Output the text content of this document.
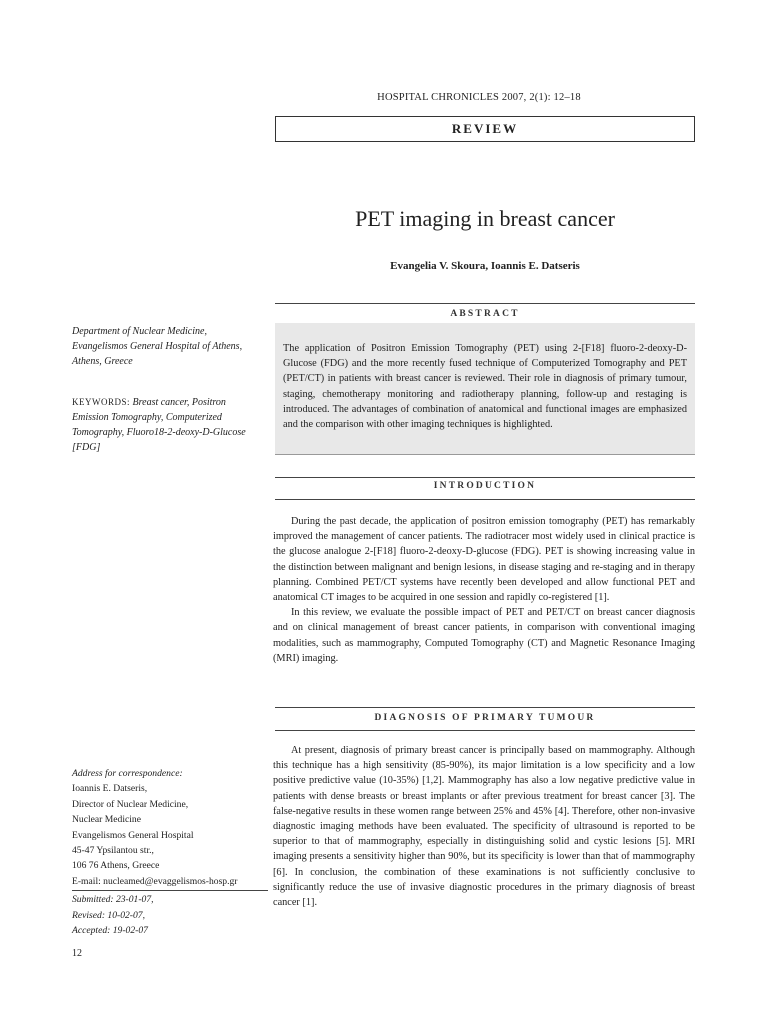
HOSPITAL CHRONICLES 2007, 2(1): 12–18
REVIEW
PET imaging in breast cancer
Evangelia V. Skoura, Ioannis E. Datseris
Department of Nuclear Medicine, Evangelismos General Hospital of Athens, Athens, Greece
KEYWORDS: Breast cancer, Positron Emission Tomography, Computerized Tomography, Fluoro18-2-deoxy-D-Glucose [FDG]
Address for correspondence:
Ioannis E. Datseris,
Director of Nuclear Medicine,
Nuclear Medicine
Evangelismos General Hospital
45-47 Ypsilantou str.,
106 76 Athens, Greece
E-mail: nucleamed@evaggelismos-hosp.gr
Submitted: 23-01-07,
Revised: 10-02-07,
Accepted: 19-02-07
ABSTRACT

The application of Positron Emission Tomography (PET) using 2-[F18] fluoro-2-deoxy-D-Glucose (FDG) and the more recently fused technique of Computerized Tomography and PET (PET/CT) in patients with breast cancer is reviewed. Their role in diagnosis of primary tumour, staging, chemotherapy monitoring and radiotherapy planning, follow-up and restaging is introduced. The advantages of combination of anatomical and functional images are emphasized and the comparison with other imaging techniques is highlighted.

INTRODUCTION

During the past decade, the application of positron emission tomography (PET) has remarkably improved the management of cancer patients. The radiotracer most widely used in clinical practice is the glucose analogue 2-[F18] fluoro-2-deoxy-D-glucose (FDG). PET is showing increasing value in the distinction between malignant and benign lesions, in disease staging and re-staging and in therapy planning. Combined PET/CT systems have recently been developed and allow functional PET and anatomical CT images to be acquired in one session and rapidly co-registered [1].

In this review, we evaluate the possible impact of PET and PET/CT on breast cancer diagnosis and on clinical management of breast cancer patients, in comparison with conventional imaging modalities, such as mammography, Computed Tomography (CT) and Magnetic Resonance Imaging (MRI) imaging.

DIAGNOSIS OF PRIMARY TUMOUR

At present, diagnosis of primary breast cancer is principally based on mammography. Although this technique has a high sensitivity (85-90%), its major limitation is a low specificity and a low positive predictive value (10-35%) [1,2]. Mammography has also a low negative predictive value in patients with dense breasts or breast implants or after previous treatment for breast cancer [3]. The false-negative results in these women range between 25% and 45% [4]. Therefore, other non-invasive diagnostic imaging methods have been evaluated. The specificity of ultrasound is reported to be superior to that of mammography, especially in distinguishing solid and cystic lesions [5]. MRI imaging presents a sensitivity higher than 90%, but its specificity is lower than that of mammography [6]. In conclusion, the combination of these examinations is not sufficiently conclusive to significantly reduce the use of invasive diagnostic procedures in the primary diagnosis of breast cancer [1].

12
